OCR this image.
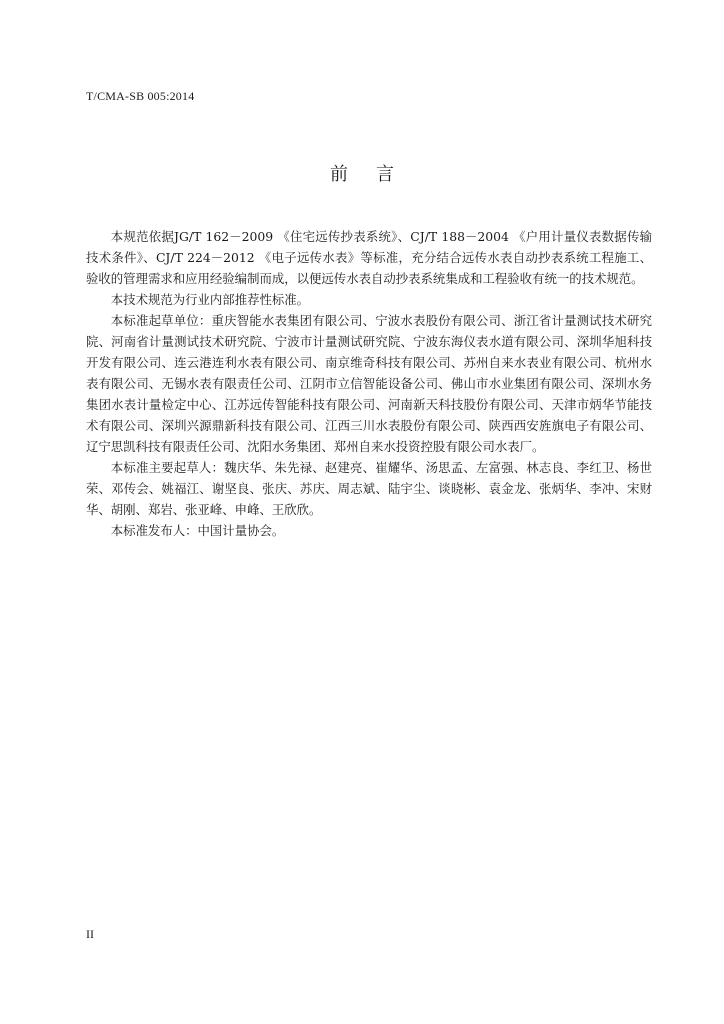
T/CMA-SB 005:2014
前言

本规范依据JG/T 162－2009 《住宅远传抄表系统》、CJ/T 188－2004 《户用计量仪表数据传输技术条件》、CJ/T 224－2012 《电子远传水表》等标准，充分结合远传水表自动抄表系统工程施工、验收的管理需求和应用经验编制而成，以便远传水表自动抄表系统集成和工程验收有统一的技术规范。

本技术规范为行业内部推荐性标准。

本标准起草单位：重庆智能水表集团有限公司、宁波水表股份有限公司、浙江省计量测试技术研究院、河南省计量测试技术研究院、宁波市计量测试研究院、宁波东海仪表水道有限公司、深圳华旭科技开发有限公司、连云港连利水表有限公司、南京维奇科技有限公司、苏州自来水表业有限公司、杭州水表有限公司、无锡水表有限责任公司、江阴市立信智能设备公司、佛山市水业集团有限公司、深圳水务集团水表计量检定中心、江苏远传智能科技有限公司、河南新天科技股份有限公司、天津市炳华节能技术有限公司、深圳兴源鼎新科技有限公司、江西三川水表股份有限公司、陕西西安旌旗电子有限公司、辽宁思凯科技有限责任公司、沈阳水务集团、郑州自来水投资控股有限公司水表厂。

本标准主要起草人：魏庆华、朱先禄、赵建亮、崔耀华、汤思孟、左富强、林志良、李红卫、杨世荣、邓传会、姚福江、谢坚良、张庆、苏庆、周志斌、陆宇尘、谈晓彬、袁金龙、张炳华、李冲、宋财华、胡刚、郑岩、张亚峰、申峰、王欣欣。

本标准发布人：中国计量协会。

II
